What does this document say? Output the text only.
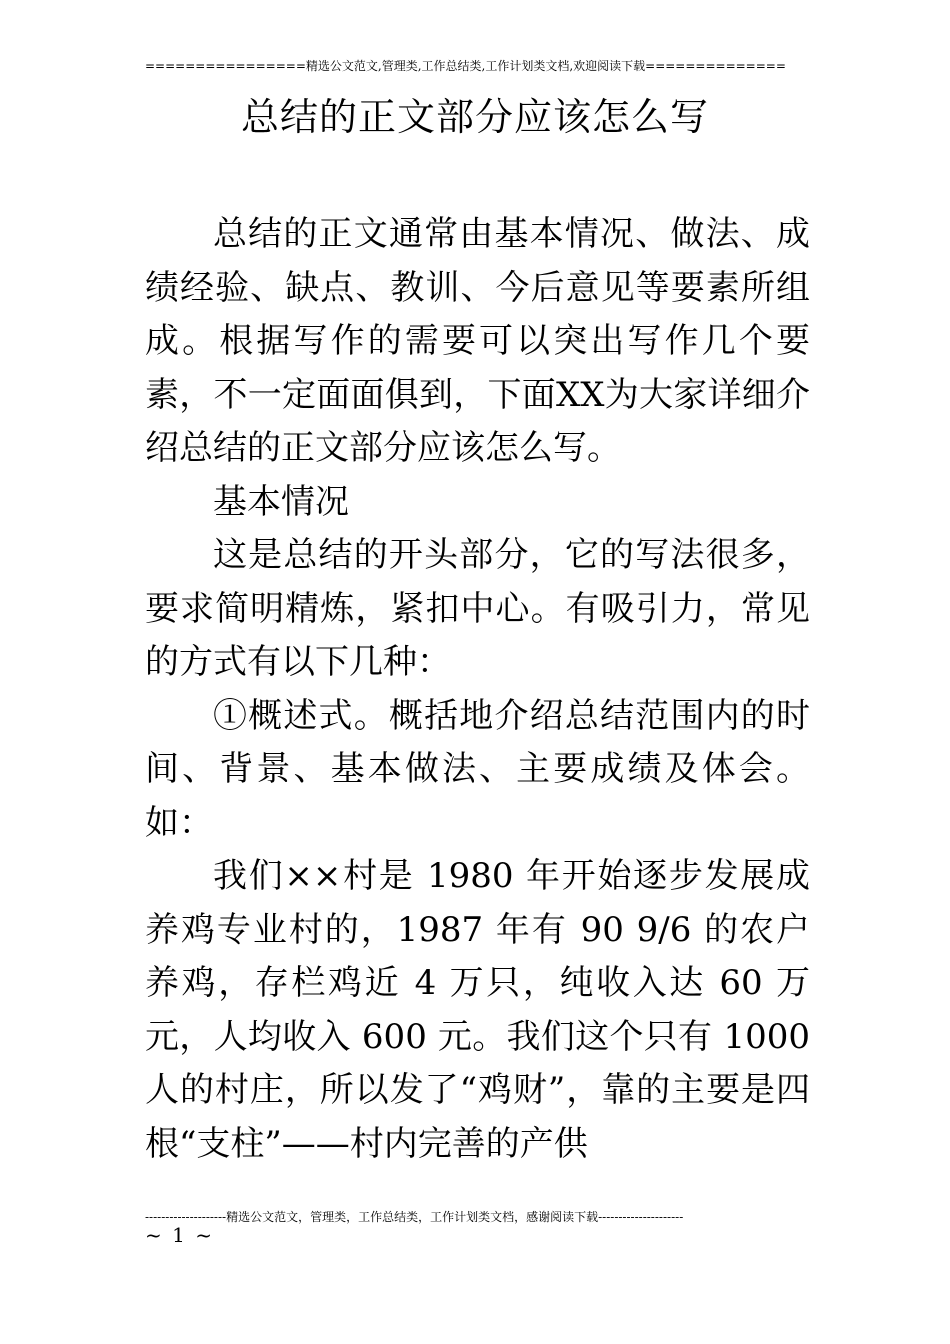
================精选公文范文,管理类,工作总结类,工作计划类文档,欢迎阅读下载==============
总结的正文部分应该怎么写

总结的正文通常由基本情况、做法、成绩经验、缺点、教训、今后意见等要素所组成。根据写作的需要可以突出写作几个要素，不一定面面俱到，下面XX为大家详细介绍总结的正文部分应该怎么写。

基本情况

这是总结的开头部分，它的写法很多，要求简明精炼，紧扣中心。有吸引力，常见的方式有以下几种：

①概述式。概括地介绍总结范围内的时间、背景、基本做法、主要成绩及体会。如：

我们××村是 1980 年开始逐步发展成养鸡专业村的，1987 年有 90 9/6 的农户养鸡，存栏鸡近 4 万只，纯收入达 60 万元，人均收入 600 元。我们这个只有 1000 人的村庄，所以发了“鸡财”，靠的主要是四根“支柱”——村内完善的产供

--------------------精选公文范文，管理类，工作总结类，工作计划类文档，感谢阅读下载---------------------
~ 1 ~
